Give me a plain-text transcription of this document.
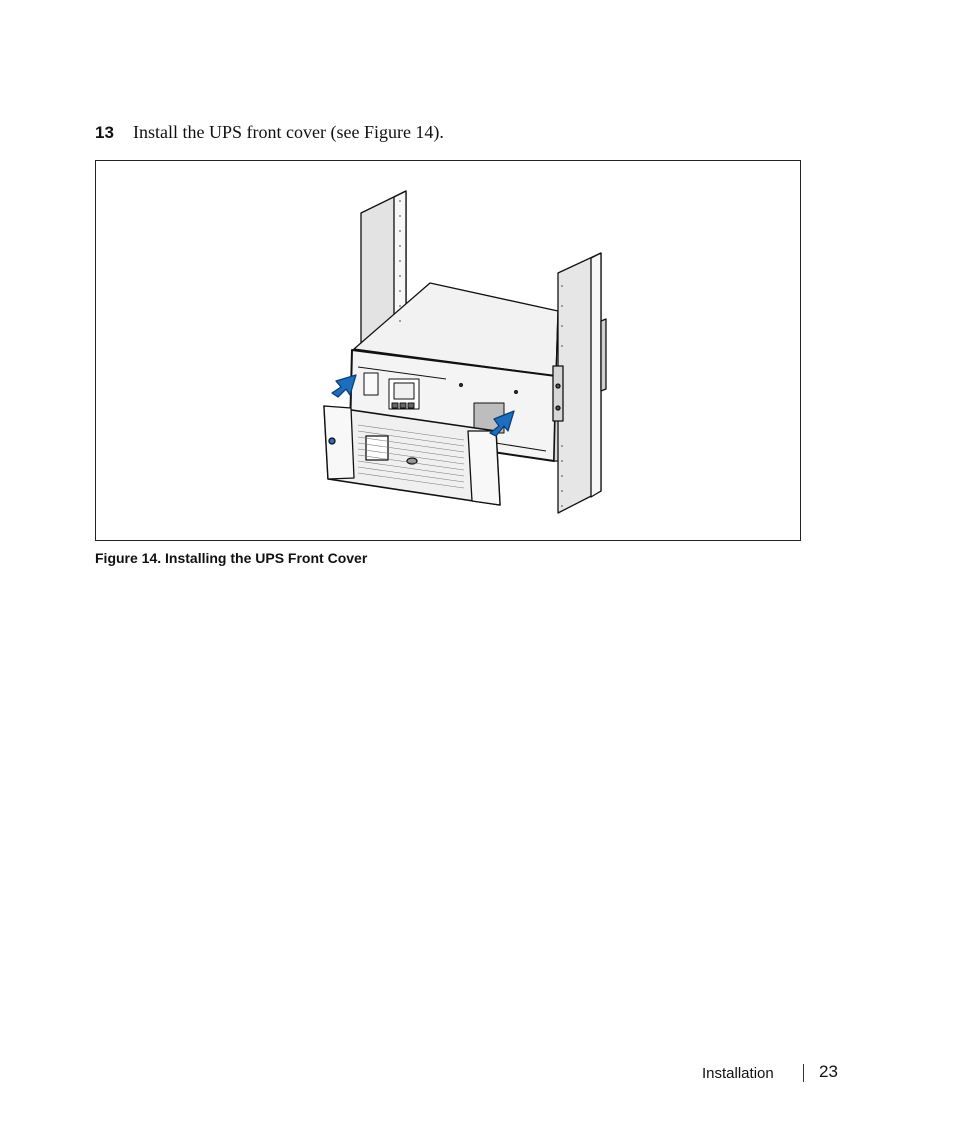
13 Install the UPS front cover (see Figure 14).
Figure 14. Installing the UPS Front Cover
Installation	23
